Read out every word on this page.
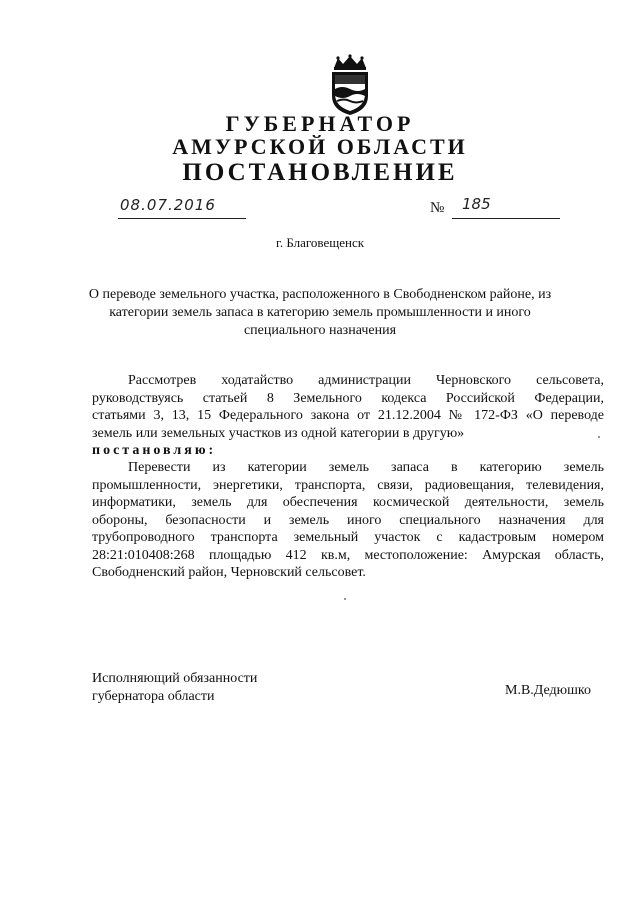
ГУБЕРНАТОР
АМУРСКОЙ ОБЛАСТИ
ПОСТАНОВЛЕНИЕ
08.07.2016	№ 185
г. Благовещенск
О переводе земельного участка, расположенного в Свободненском районе, из
категории земель запаса в категорию земель промышленности и иного
специального назначения
Рассмотрев ходатайство администрации Черновского сельсовета,
руководствуясь статьей 8 Земельного кодекса Российской Федерации,
статьями 3, 13, 15 Федерального закона от 21.12.2004 № 172-ФЗ «О переводе
земель или земельных участков из одной категории в другую»
постановляю:
Перевести из категории земель запаса в категорию земель
промышленности, энергетики, транспорта, связи, радиовещания, телевидения,
информатики, земель для обеспечения космической деятельности, земель
обороны, безопасности и земель иного специального назначения для
трубопроводного транспорта земельный участок с кадастровым номером
28:21:010408:268 площадью 412 кв.м, местоположение: Амурская область,
Свободненский район, Черновский сельсовет.
Исполняющий обязанности
губернатора области	М.В.Дедюшко
